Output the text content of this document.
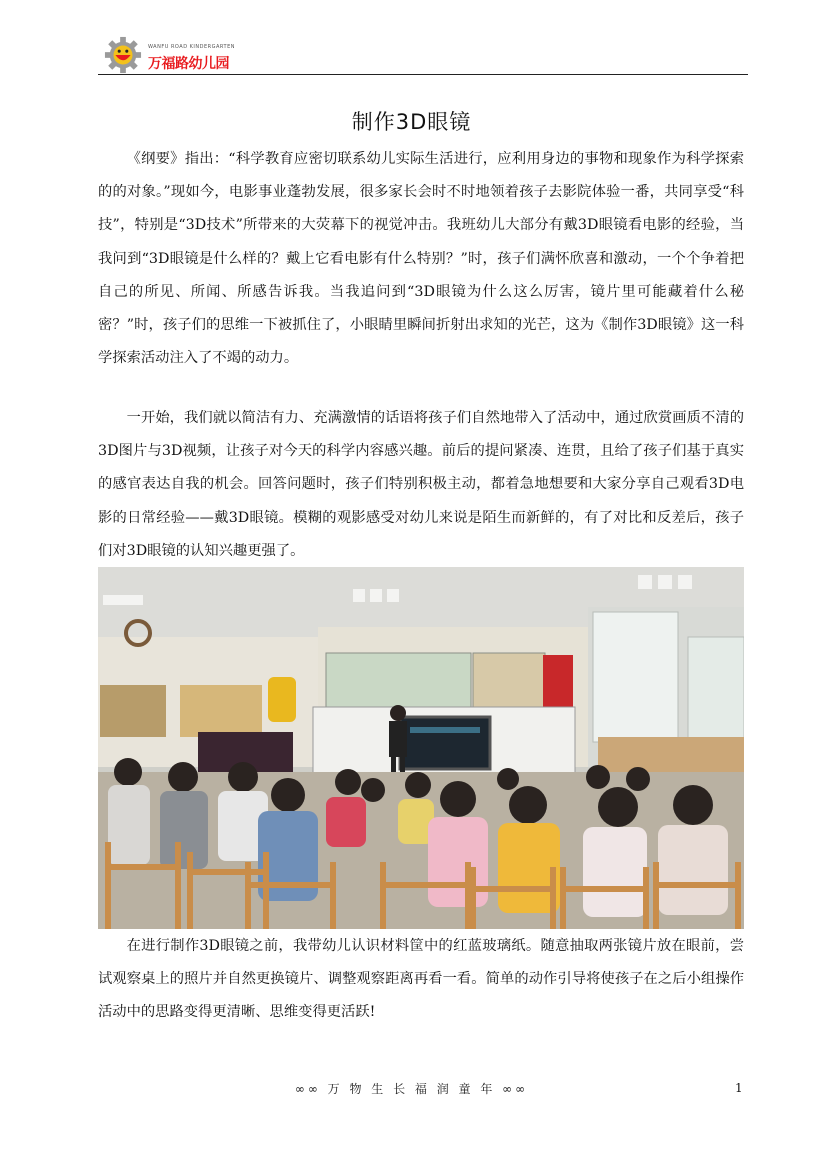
WANFU ROAD KINDERGARTEN
万福路幼儿园
制作3D眼镜

《纲要》指出：“科学教育应密切联系幼儿实际生活进行，应利用身边的事物和现象作为科学探索的的对象。”现如今，电影事业蓬勃发展，很多家长会时不时地领着孩子去影院体验一番，共同享受“科技”，特别是“3D技术”所带来的大荧幕下的视觉冲击。我班幼儿大部分有戴3D眼镜看电影的经验，当我问到“3D眼镜是什么样的？戴上它看电影有什么特别？”时，孩子们满怀欣喜和激动，一个个争着把自己的所见、所闻、所感告诉我。当我追问到“3D眼镜为什么这么厉害，镜片里可能藏着什么秘密？”时，孩子们的思维一下被抓住了，小眼睛里瞬间折射出求知的光芒，这为《制作3D眼镜》这一科学探索活动注入了不竭的动力。

一开始，我们就以简洁有力、充满激情的话语将孩子们自然地带入了活动中，通过欣赏画质不清的3D图片与3D视频，让孩子对今天的科学内容感兴趣。前后的提问紧凑、连贯，且给了孩子们基于真实的感官表达自我的机会。回答问题时，孩子们特别积极主动，都着急地想要和大家分享自己观看3D电影的日常经验——戴3D眼镜。模糊的观影感受对幼儿来说是陌生而新鲜的，有了对比和反差后，孩子们对3D眼镜的认知兴趣更强了。

在进行制作3D眼镜之前，我带幼儿认识材料筐中的红蓝玻璃纸。随意抽取两张镜片放在眼前，尝试观察桌上的照片并自然更换镜片、调整观察距离再看一看。简单的动作引导将使孩子在之后小组操作活动中的思路变得更清晰、思维变得更活跃!

∞∞ 万 物 生 长 福 润 童 年 ∞∞	1
